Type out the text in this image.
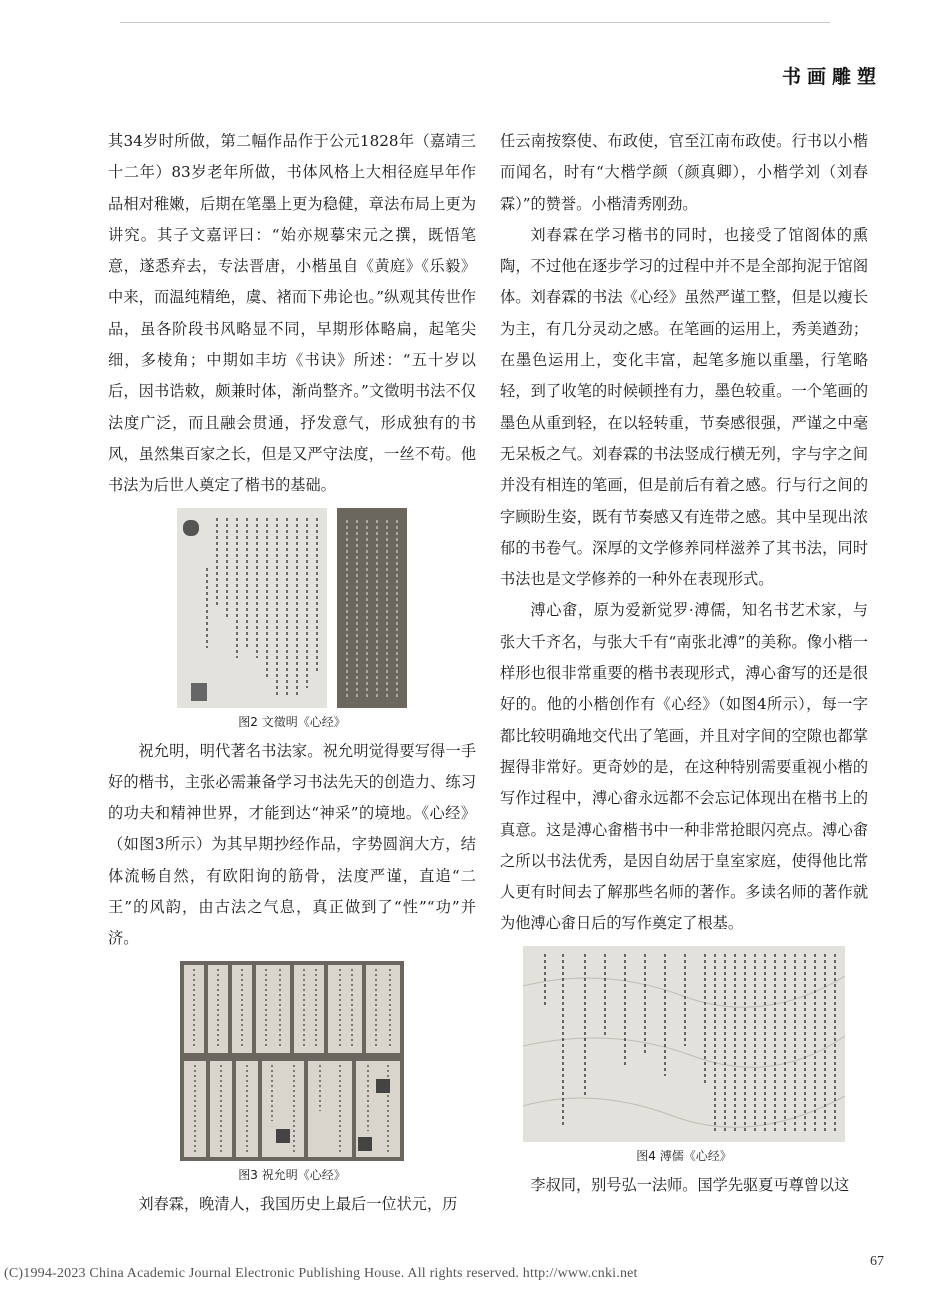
书画雕塑

其34岁时所做，第二幅作品作于公元1828年（嘉靖三十二年）83岁老年所做，书体风格上大相径庭早年作品相对稚嫩，后期在笔墨上更为稳健，章法布局上更为讲究。其子文嘉评曰：“始亦规摹宋元之撰，既悟笔意，遂悉弃去，专法晋唐，小楷虽自《黄庭》《乐毅》中来，而温纯精绝，虞、褚而下弗论也。”纵观其传世作品，虽各阶段书风略显不同，早期形体略扁，起笔尖细，多棱角；中期如丰坊《书诀》所述：“五十岁以后，因书诰敕，颇兼时体，渐尚整齐。”文徵明书法不仅法度广泛，而且融会贯通，抒发意气，形成独有的书风，虽然集百家之长，但是又严守法度，一丝不苟。他书法为后世人奠定了楷书的基础。

图2 文徵明《心经》

祝允明，明代著名书法家。祝允明觉得要写得一手好的楷书，主张必需兼备学习书法先天的创造力、练习的功夫和精神世界，才能到达“神采”的境地。《心经》（如图3所示）为其早期抄经作品，字势圆润大方，结体流畅自然，有欧阳询的筋骨，法度严谨，直追“二王”的风韵，由古法之气息，真正做到了“性”“功”并济。

图3 祝允明《心经》

刘春霖，晚清人，我国历史上最后一位状元，历

任云南按察使、布政使，官至江南布政使。行书以小楷而闻名，时有“大楷学颜（颜真卿），小楷学刘（刘春霖）”的赞誉。小楷清秀刚劲。

刘春霖在学习楷书的同时，也接受了馆阁体的熏陶，不过他在逐步学习的过程中并不是全部拘泥于馆阁体。刘春霖的书法《心经》虽然严谨工整，但是以瘦长为主，有几分灵动之感。在笔画的运用上，秀美遒劲；在墨色运用上，变化丰富，起笔多施以重墨，行笔略轻，到了收笔的时候顿挫有力，墨色较重。一个笔画的墨色从重到轻，在以轻转重，节奏感很强，严谨之中毫无呆板之气。刘春霖的书法竖成行横无列，字与字之间并没有相连的笔画，但是前后有着之感。行与行之间的字顾盼生姿，既有节奏感又有连带之感。其中呈现出浓郁的书卷气。深厚的文学修养同样滋养了其书法，同时书法也是文学修养的一种外在表现形式。

溥心畬，原为爱新觉罗·溥儒，知名书艺术家，与张大千齐名，与张大千有“南张北溥”的美称。像小楷一样形也很非常重要的楷书表现形式，溥心畬写的还是很好的。他的小楷创作有《心经》（如图4所示），每一字都比较明确地交代出了笔画，并且对字间的空隙也都掌握得非常好。更奇妙的是，在这种特别需要重视小楷的写作过程中，溥心畬永远都不会忘记体现出在楷书上的真意。这是溥心畬楷书中一种非常抢眼闪亮点。溥心畬之所以书法优秀，是因自幼居于皇室家庭，使得他比常人更有时间去了解那些名师的著作。多读名师的著作就为他溥心畬日后的写作奠定了根基。

图4 溥儒《心经》

李叔同，别号弘一法师。国学先驱夏丏尊曾以这

67
(C)1994-2023 China Academic Journal Electronic Publishing House. All rights reserved. http://www.cnki.net
